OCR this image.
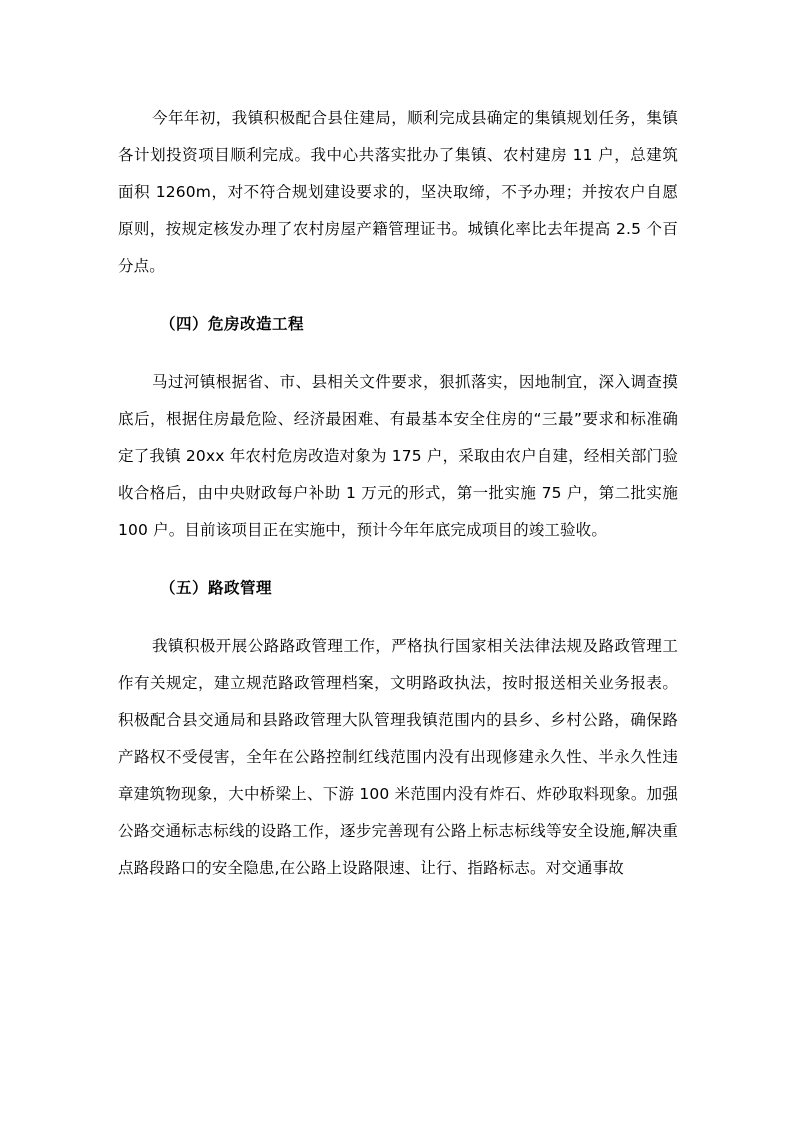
今年年初，我镇积极配合县住建局，顺利完成县确定的集镇规划任务，集镇各计划投资项目顺利完成。我中心共落实批办了集镇、农村建房 11 户，总建筑面积 1260m，对不符合规划建设要求的，坚决取缔，不予办理；并按农户自愿原则，按规定核发办理了农村房屋产籍管理证书。城镇化率比去年提高 2.5 个百分点。

（四）危房改造工程

马过河镇根据省、市、县相关文件要求，狠抓落实，因地制宜，深入调查摸底后，根据住房最危险、经济最困难、有最基本安全住房的“三最”要求和标准确定了我镇 20xx 年农村危房改造对象为 175 户，采取由农户自建，经相关部门验收合格后，由中央财政每户补助 1 万元的形式，第一批实施 75 户，第二批实施 100 户。目前该项目正在实施中，预计今年年底完成项目的竣工验收。

（五）路政管理

我镇积极开展公路路政管理工作，严格执行国家相关法律法规及路政管理工作有关规定，建立规范路政管理档案，文明路政执法，按时报送相关业务报表。积极配合县交通局和县路政管理大队管理我镇范围内的县乡、乡村公路，确保路产路权不受侵害，全年在公路控制红线范围内没有出现修建永久性、半永久性违章建筑物现象，大中桥梁上、下游 100 米范围内没有炸石、炸砂取料现象。加强公路交通标志标线的设路工作，逐步完善现有公路上标志标线等安全设施,解决重点路段路口的安全隐患,在公路上设路限速、让行、指路标志。对交通事故
